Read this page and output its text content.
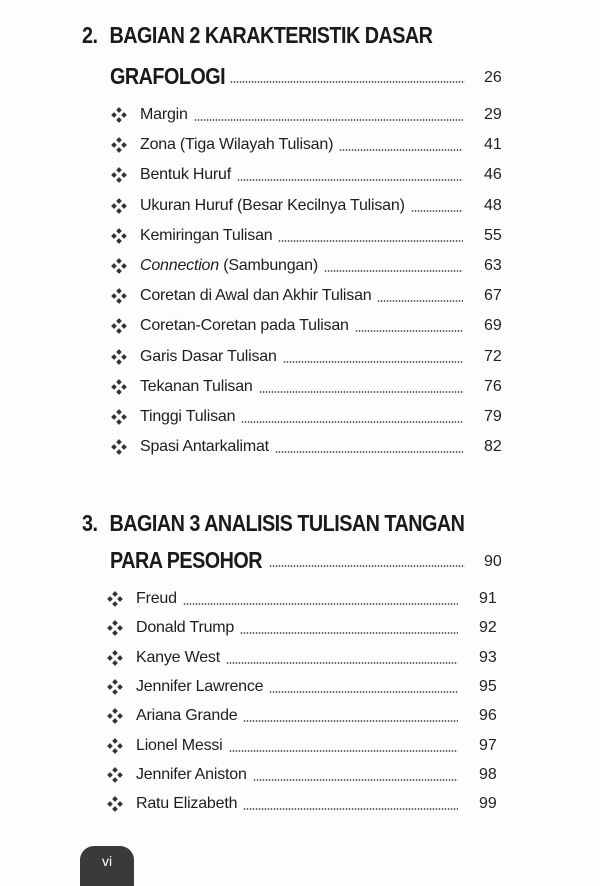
2. BAGIAN 2 KARAKTERISTIK DASAR
GRAFOLOGI	26
Margin	29
Zona (Tiga Wilayah Tulisan)	41
Bentuk Huruf	46
Ukuran Huruf (Besar Kecilnya Tulisan)	48
Kemiringan Tulisan	55
Connection (Sambungan)	63
Coretan di Awal dan Akhir Tulisan	67
Coretan-Coretan pada Tulisan	69
Garis Dasar Tulisan	72
Tekanan Tulisan	76
Tinggi Tulisan	79
Spasi Antarkalimat	82
3. BAGIAN 3 ANALISIS TULISAN TANGAN
PARA PESOHOR	90
Freud	91
Donald Trump	92
Kanye West	93
Jennifer Lawrence	95
Ariana Grande	96
Lionel Messi	97
Jennifer Aniston	98
Ratu Elizabeth	99
vi
